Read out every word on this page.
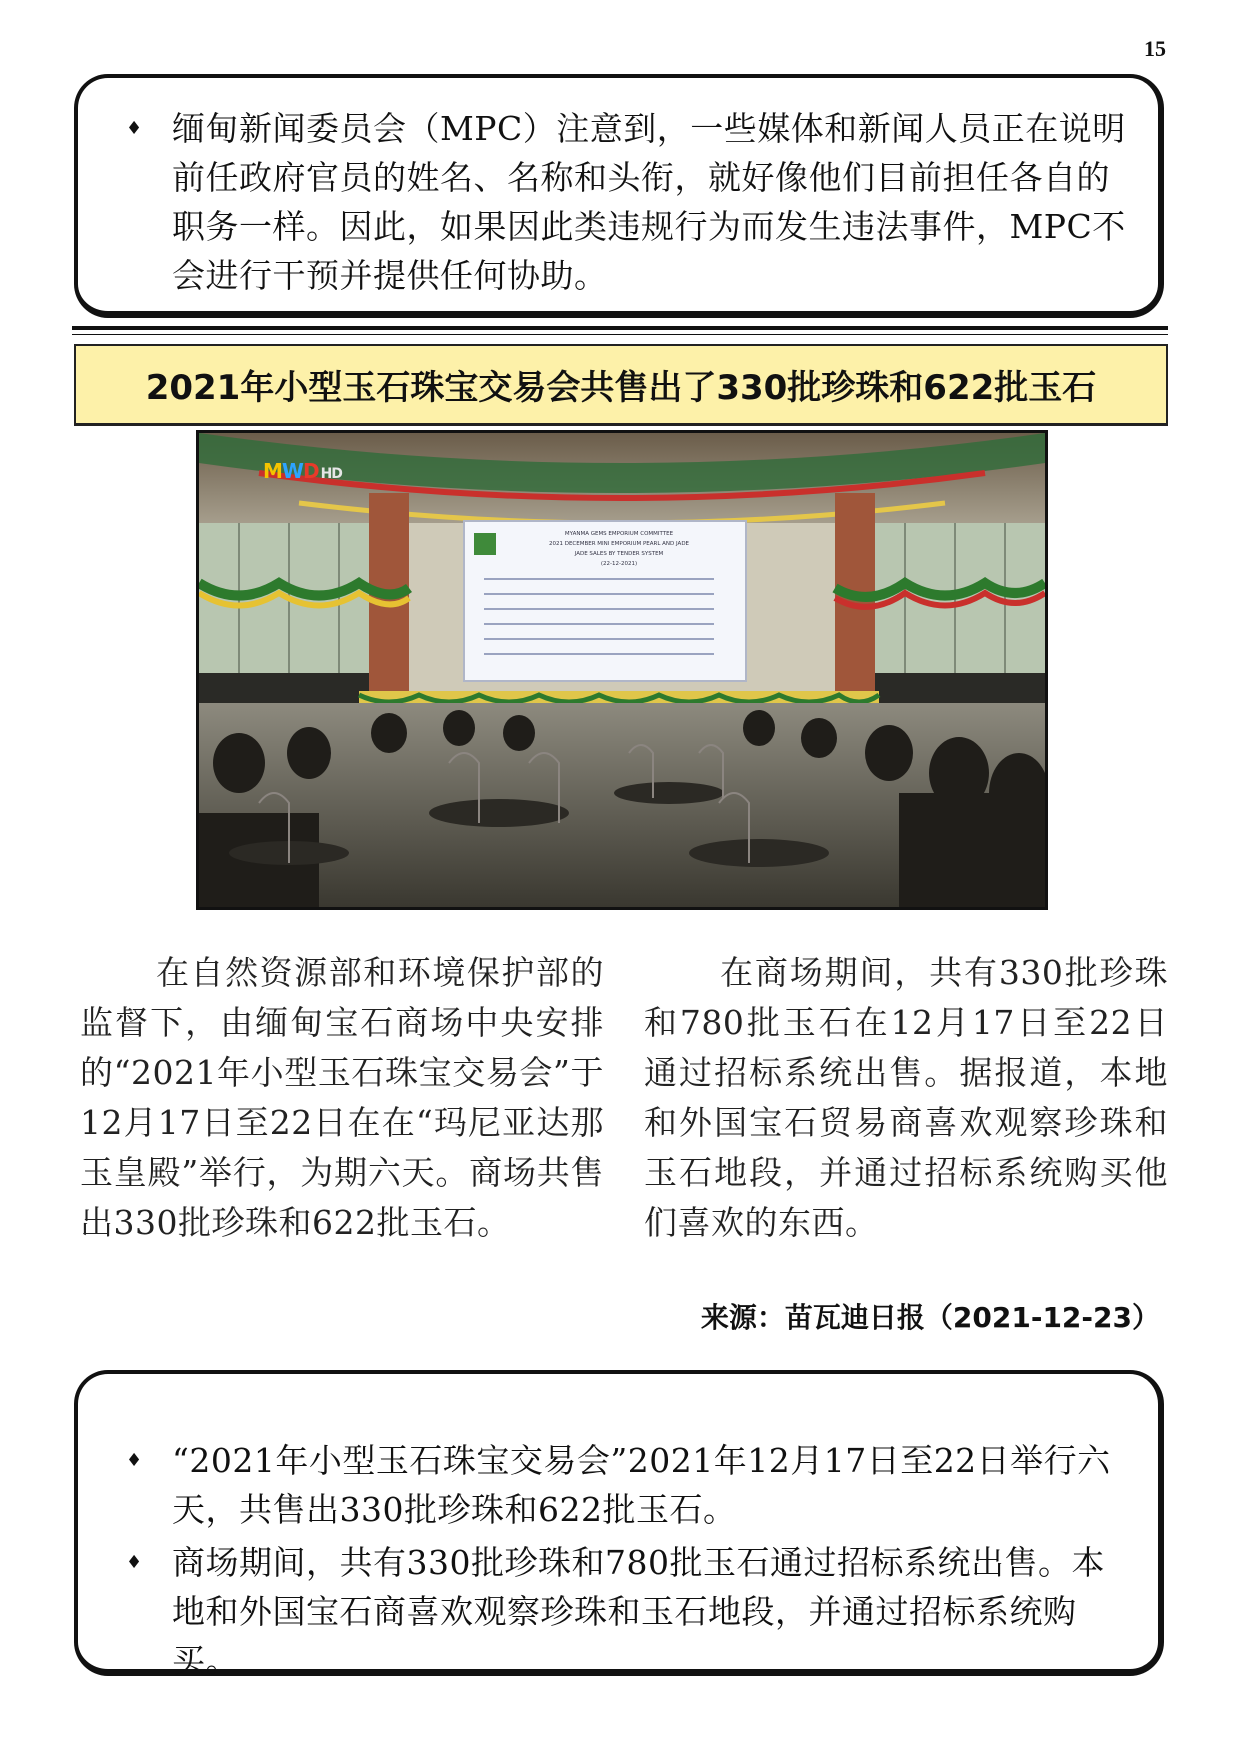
15
♦ 缅甸新闻委员会（MPC）注意到，一些媒体和新闻人员正在说明前任政府官员的姓名、名称和头衔，就好像他们目前担任各自的职务一样。因此，如果因此类违规行为而发生违法事件，MPC不会进行干预并提供任何协助。
2021年小型玉石珠宝交易会共售出了330批珍珠和622批玉石
MYANMA GEMS EMPORIUM COMMITTEE
2021 DECEMBER MINI EMPORIUM PEARL AND JADE
JADE SALES BY TENDER SYSTEM
(22-12-2021)
MWD HD

在自然资源部和环境保护部的监督下，由缅甸宝石商场中央安排的“2021年小型玉石珠宝交易会”于12月17日至22日在在“玛尼亚达那玉皇殿”举行，为期六天。商场共售出330批珍珠和622批玉石。

在商场期间，共有330批珍珠和780批玉石在12月17日至22日通过招标系统出售。据报道，本地和外国宝石贸易商喜欢观察珍珠和玉石地段，并通过招标系统购买他们喜欢的东西。

来源：苗瓦迪日报（2021-12-23）
♦ “2021年小型玉石珠宝交易会”2021年12月17日至22日举行六天，共售出330批珍珠和622批玉石。
♦ 商场期间，共有330批珍珠和780批玉石通过招标系统出售。本地和外国宝石商喜欢观察珍珠和玉石地段，并通过招标系统购买。
